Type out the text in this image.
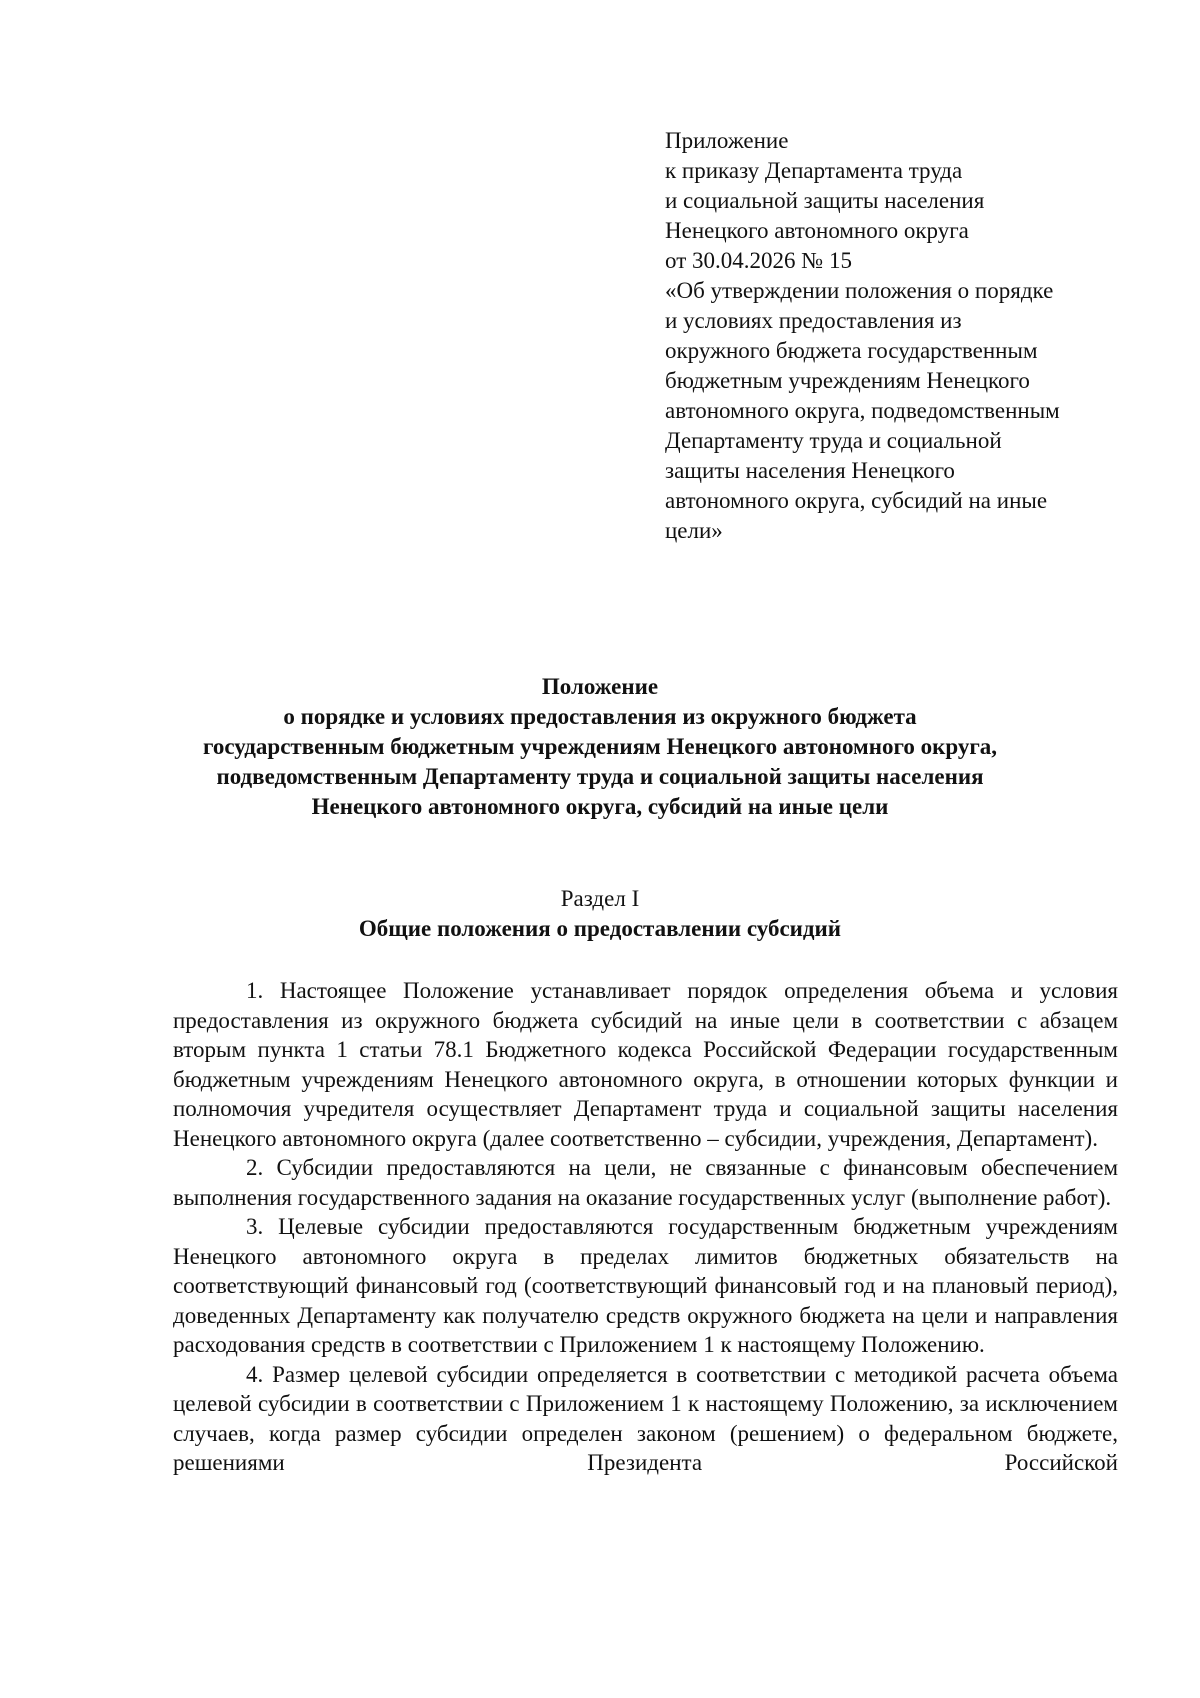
Приложение
к приказу Департамента труда
и социальной защиты населения
Ненецкого автономного округа
от 30.04.2026 № 15
«Об утверждении положения о порядке
и условиях предоставления из
окружного бюджета государственным
бюджетным учреждениям Ненецкого
автономного округа, подведомственным
Департаменту труда и социальной
защиты населения Ненецкого
автономного округа, субсидий на иные
цели»
Положение
о порядке и условиях предоставления из окружного бюджета
государственным бюджетным учреждениям Ненецкого автономного округа,
подведомственным Департаменту труда и социальной защиты населения
Ненецкого автономного округа, субсидий на иные цели
Раздел I
Общие положения о предоставлении субсидий

1. Настоящее Положение устанавливает порядок определения объема и условия предоставления из окружного бюджета субсидий на иные цели в соответствии с абзацем вторым пункта 1 статьи 78.1 Бюджетного кодекса Российской Федерации государственным бюджетным учреждениям Ненецкого автономного округа, в отношении которых функции и полномочия учредителя осуществляет Департамент труда и социальной защиты населения Ненецкого автономного округа (далее соответственно – субсидии, учреждения, Департамент).

2. Субсидии предоставляются на цели, не связанные с финансовым обеспечением выполнения государственного задания на оказание государственных услуг (выполнение работ).

3. Целевые субсидии предоставляются государственным бюджетным учреждениям Ненецкого автономного округа в пределах лимитов бюджетных обязательств на соответствующий финансовый год (соответствующий финансовый год и на плановый период), доведенных Департаменту как получателю средств окружного бюджета на цели и направления расходования средств в соответствии с Приложением 1 к настоящему Положению.

4. Размер целевой субсидии определяется в соответствии с методикой расчета объема целевой субсидии в соответствии с Приложением 1 к настоящему Положению, за исключением случаев, когда размер субсидии определен законом (решением) о федеральном бюджете, решениями Президента Российской
